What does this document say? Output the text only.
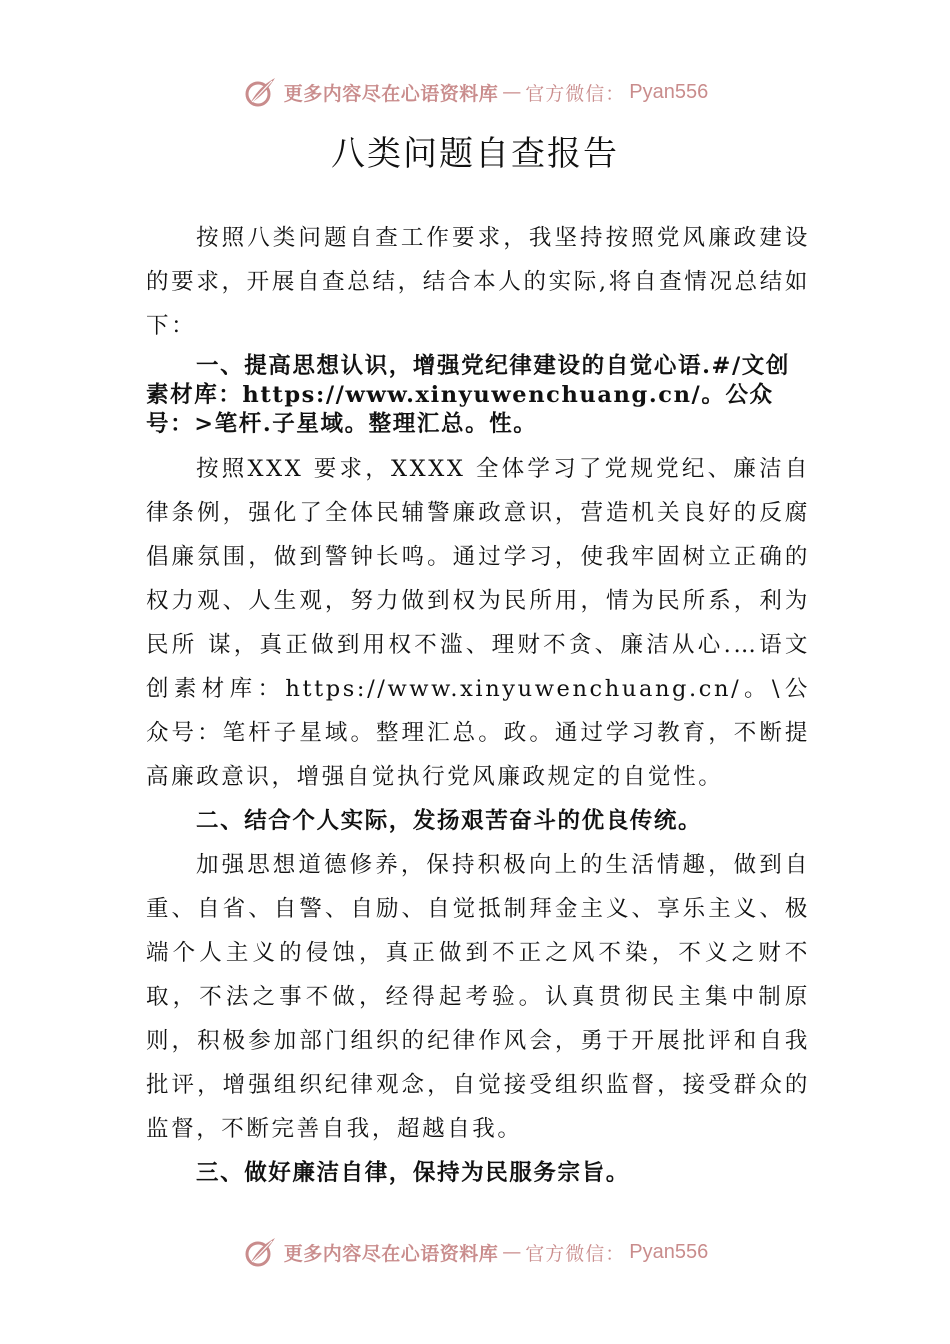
更多内容尽在心语资料库 — 官方微信： Pyan556
八类问题自查报告

按照八类问题自查工作要求，我坚持按照党风廉政建设的要求，开展自查总结，结合本人的实际,将自查情况总结如下：

一、提高思想认识，增强党纪律建设的自觉心语.#/文创素材库：https://www.xinyuwenchuang.cn/。公众号：>笔杆.子星域。整理汇总。性。

按照XXX 要求，XXXX 全体学习了党规党纪、廉洁自律条例，强化了全体民辅警廉政意识，营造机关良好的反腐倡廉氛围，做到警钟长鸣。通过学习，使我牢固树立正确的权力观、人生观，努力做到权为民所用，情为民所系，利为民所 谋，真正做到用权不滥、理财不贪、廉洁从心.…语文创素材库：https://www.xinyuwenchuang.cn/。\公众号：笔杆子星域。整理汇总。政。通过学习教育，不断提高廉政意识，增强自觉执行党风廉政规定的自觉性。

二、结合个人实际，发扬艰苦奋斗的优良传统。

加强思想道德修养，保持积极向上的生活情趣，做到自重、自省、自警、自励、自觉抵制拜金主义、享乐主义、极端个人主义的侵蚀，真正做到不正之风不染，不义之财不取，不法之事不做，经得起考验。认真贯彻民主集中制原则，积极参加部门组织的纪律作风会，勇于开展批评和自我批评，增强组织纪律观念，自觉接受组织监督，接受群众的监督，不断完善自我，超越自我。

三、做好廉洁自律，保持为民服务宗旨。

更多内容尽在心语资料库 — 官方微信： Pyan556
